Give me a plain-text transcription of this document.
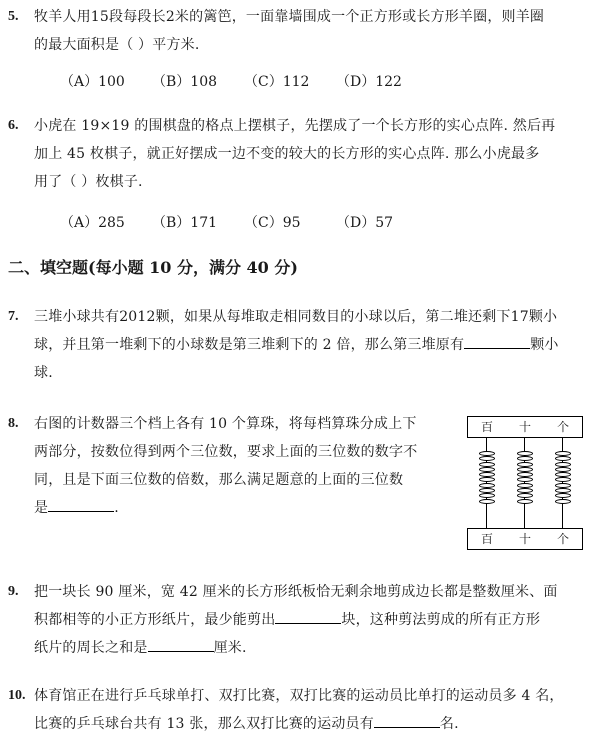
5. 牧羊人用15段每段长2米的篱笆，一面靠墙围成一个正方形或长方形羊圈，则羊圈
的最大面积是（ ）平方米.
（A）100	（B）108	（C）112	（D）122
6. 小虎在 19×19 的围棋盘的格点上摆棋子，先摆成了一个长方形的实心点阵. 然后再
加上 45 枚棋子，就正好摆成一边不变的较大的长方形的实心点阵. 那么小虎最多
用了（ ）枚棋子.
（A）285	（B）171	（C）95	（D）57
二、填空题(每小题 10 分，满分 40 分)
7. 三堆小球共有2012颗，如果从每堆取走相同数目的小球以后，第二堆还剩下17颗小
球，并且第一堆剩下的小球数是第三堆剩下的 2 倍，那么第三堆原有	颗小
球.
8. 右图的计数器三个档上各有 10 个算珠，将每档算珠分成上下
两部分，按数位得到两个三位数，要求上面的三位数的数字不
同，且是下面三位数的倍数，那么满足题意的上面的三位数
是	.
百 十 个
百 十 个
9. 把一块长 90 厘米，宽 42 厘米的长方形纸板恰无剩余地剪成边长都是整数厘米、面
积都相等的小正方形纸片，最少能剪出	块，这种剪法剪成的所有正方形
纸片的周长之和是	厘米.
10. 体育馆正在进行乒乓球单打、双打比赛，双打比赛的运动员比单打的运动员多 4 名，
比赛的乒乓球台共有 13 张，那么双打比赛的运动员有	名.
